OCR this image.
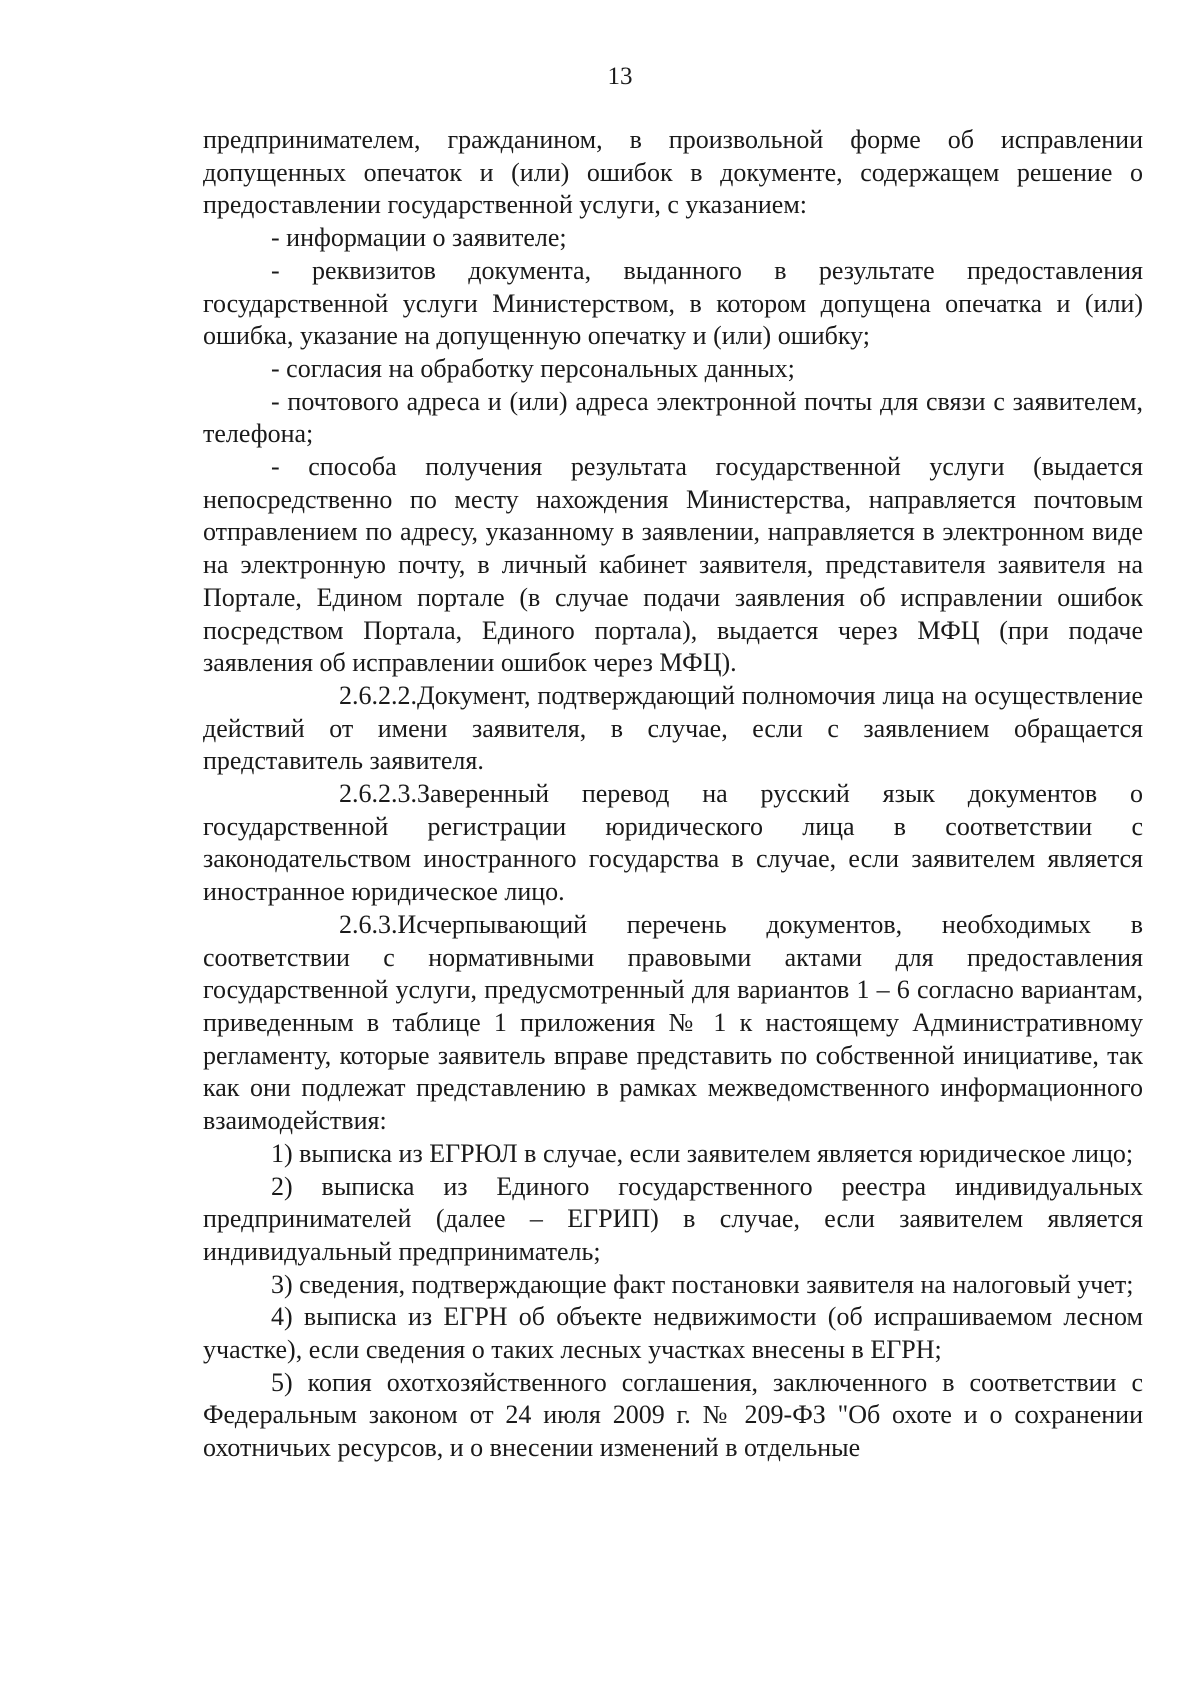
13

предпринимателем, гражданином, в произвольной форме об исправлении допущенных опечаток и (или) ошибок в документе, содержащем решение о предоставлении государственной услуги, с указанием:

- информации о заявителе;

- реквизитов документа, выданного в результате предоставления государственной услуги Министерством, в котором допущена опечатка и (или) ошибка, указание на допущенную опечатку и (или) ошибку;

- согласия на обработку персональных данных;

- почтового адреса и (или) адреса электронной почты для связи с заявителем, телефона;

- способа получения результата государственной услуги (выдается непосредственно по месту нахождения Министерства, направляется почтовым отправлением по адресу, указанному в заявлении, направляется в электронном виде на электронную почту, в личный кабинет заявителя, представителя заявителя на Портале, Едином портале (в случае подачи заявления об исправлении ошибок посредством Портала, Единого портала), выдается через МФЦ (при подаче заявления об исправлении ошибок через МФЦ).

2.6.2.2.Документ, подтверждающий полномочия лица на осуществление действий от имени заявителя, в случае, если с заявлением обращается представитель заявителя.

2.6.2.3.Заверенный перевод на русский язык документов о государственной регистрации юридического лица в соответствии с законодательством иностранного государства в случае, если заявителем является иностранное юридическое лицо.

2.6.3.Исчерпывающий перечень документов, необходимых в соответствии с нормативными правовыми актами для предоставления государственной услуги, предусмотренный для вариантов 1 – 6 согласно вариантам, приведенным в таблице 1 приложения № 1 к настоящему Административному регламенту, которые заявитель вправе представить по собственной инициативе, так как они подлежат представлению в рамках межведомственного информационного взаимодействия:

1) выписка из ЕГРЮЛ в случае, если заявителем является юридическое лицо;

2) выписка из Единого государственного реестра индивидуальных предпринимателей (далее – ЕГРИП) в случае, если заявителем является индивидуальный предприниматель;

3) сведения, подтверждающие факт постановки заявителя на налоговый учет;

4) выписка из ЕГРН об объекте недвижимости (об испрашиваемом лесном участке), если сведения о таких лесных участках внесены в ЕГРН;

5) копия охотхозяйственного соглашения, заключенного в соответствии с Федеральным законом от 24 июля 2009 г. № 209-ФЗ "Об охоте и о сохранении охотничьих ресурсов, и о внесении изменений в отдельные
